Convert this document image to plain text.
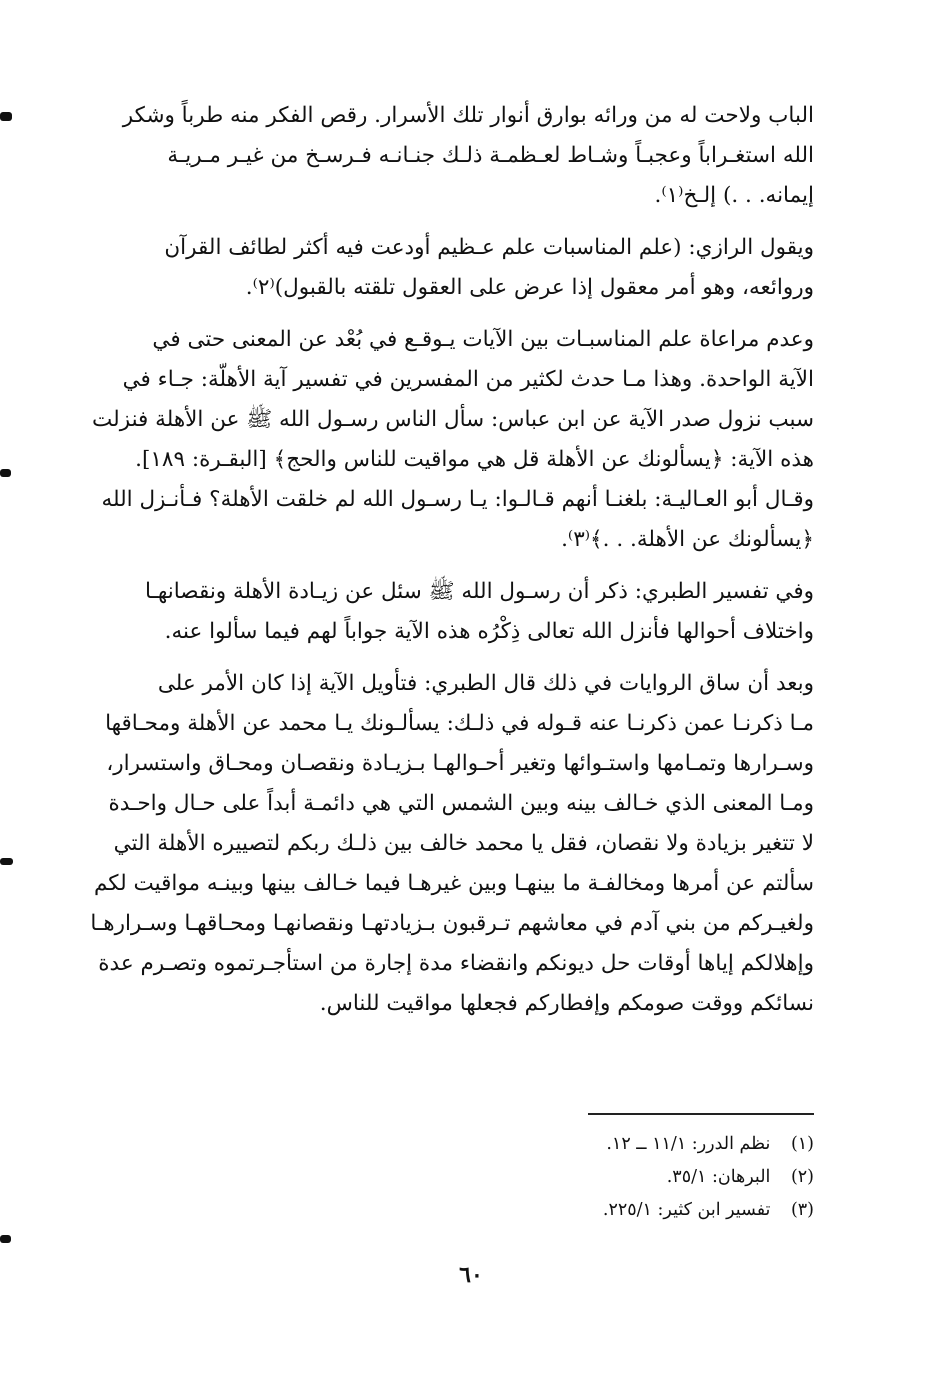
الباب ولاحت له من ورائه بوارق أنوار تلك الأسرار. رقص الفكر منه طرباً وشكر
الله استغـراباً وعجبـاً وشـاط لعـظمـة ذلـك جنـانـه فـرسـخ من غيـر مـريـة
إيمانه. . .) إلـخ⁽١⁾.
ويقول الرازي: (علم المناسبات علم عـظيم أودعت فيه أكثر لطائف القرآن
وروائعه، وهو أمر معقول إذا عرض على العقول تلقته بالقبول)⁽٢⁾.
وعدم مراعاة علم المناسبـات بين الآيات يـوقـع في بُعْد عن المعنى حتى في
الآية الواحدة. وهذا مـا حدث لكثير من المفسرين في تفسير آية الأهلّة: جـاء في
سبب نزول صدر الآية عن ابن عباس: سأل الناس رسـول الله ﷺ عن الأهلة فنزلت
هذه الآية: ﴿يسألونك عن الأهلة قل هي مواقيت للناس والحج﴾ [البقـرة: ١٨٩].
وقـال أبو العـاليـة: بلغنـا أنهم قـالـوا: يـا رسـول الله لم خلقت الأهلة؟ فـأنـزل الله
﴿يسألونك عن الأهلة. . .﴾⁽٣⁾.
وفي تفسير الطبري: ذكر أن رسـول الله ﷺ سئل عن زيـادة الأهلة ونقصانهـا
واختلاف أحوالها فأنزل الله تعالى ذِكْرُه هذه الآية جواباً لهم فيما سألوا عنه.
وبعد أن ساق الروايات في ذلك قال الطبري: فتأويل الآية إذا كان الأمر على
مـا ذكرنـا عمن ذكرنـا عنه قـوله في ذلـك: يسألـونك يـا محمد عن الأهلة ومحـاقها
وسـرارها وتمـامها واستـوائها وتغير أحـوالهـا بـزيـادة ونقصـان ومحـاق واستسرار،
ومـا المعنى الذي خـالف بينه وبين الشمس التي هي دائمـة أبداً على حـال واحـدة
لا تتغير بزيادة ولا نقصان، فقل يا محمد خالف بين ذلـك ربكم لتصييره الأهلة التي
سألتم عن أمرها ومخالفـة ما بينهـا وبين غيرهـا فيما خـالف بينها وبينـه مواقيت لكم
ولغيـركم من بني آدم في معاشهم تـرقبون بـزيادتهـا ونقصانهـا ومحـاقهـا وسـرارهـا
وإهلالكم إياها أوقات حل ديونكم وانقضاء مدة إجارة من استأجـرتموه وتصـرم عدة
نسائكم ووقت صومكم وإفطاركم فجعلها مواقيت للناس.
(١) نظم الدرر: ١١/١ ــ ١٢.
(٢) البرهان: ٣٥/١.
(٣) تفسير ابن كثير: ٢٢٥/١.
٦٠
